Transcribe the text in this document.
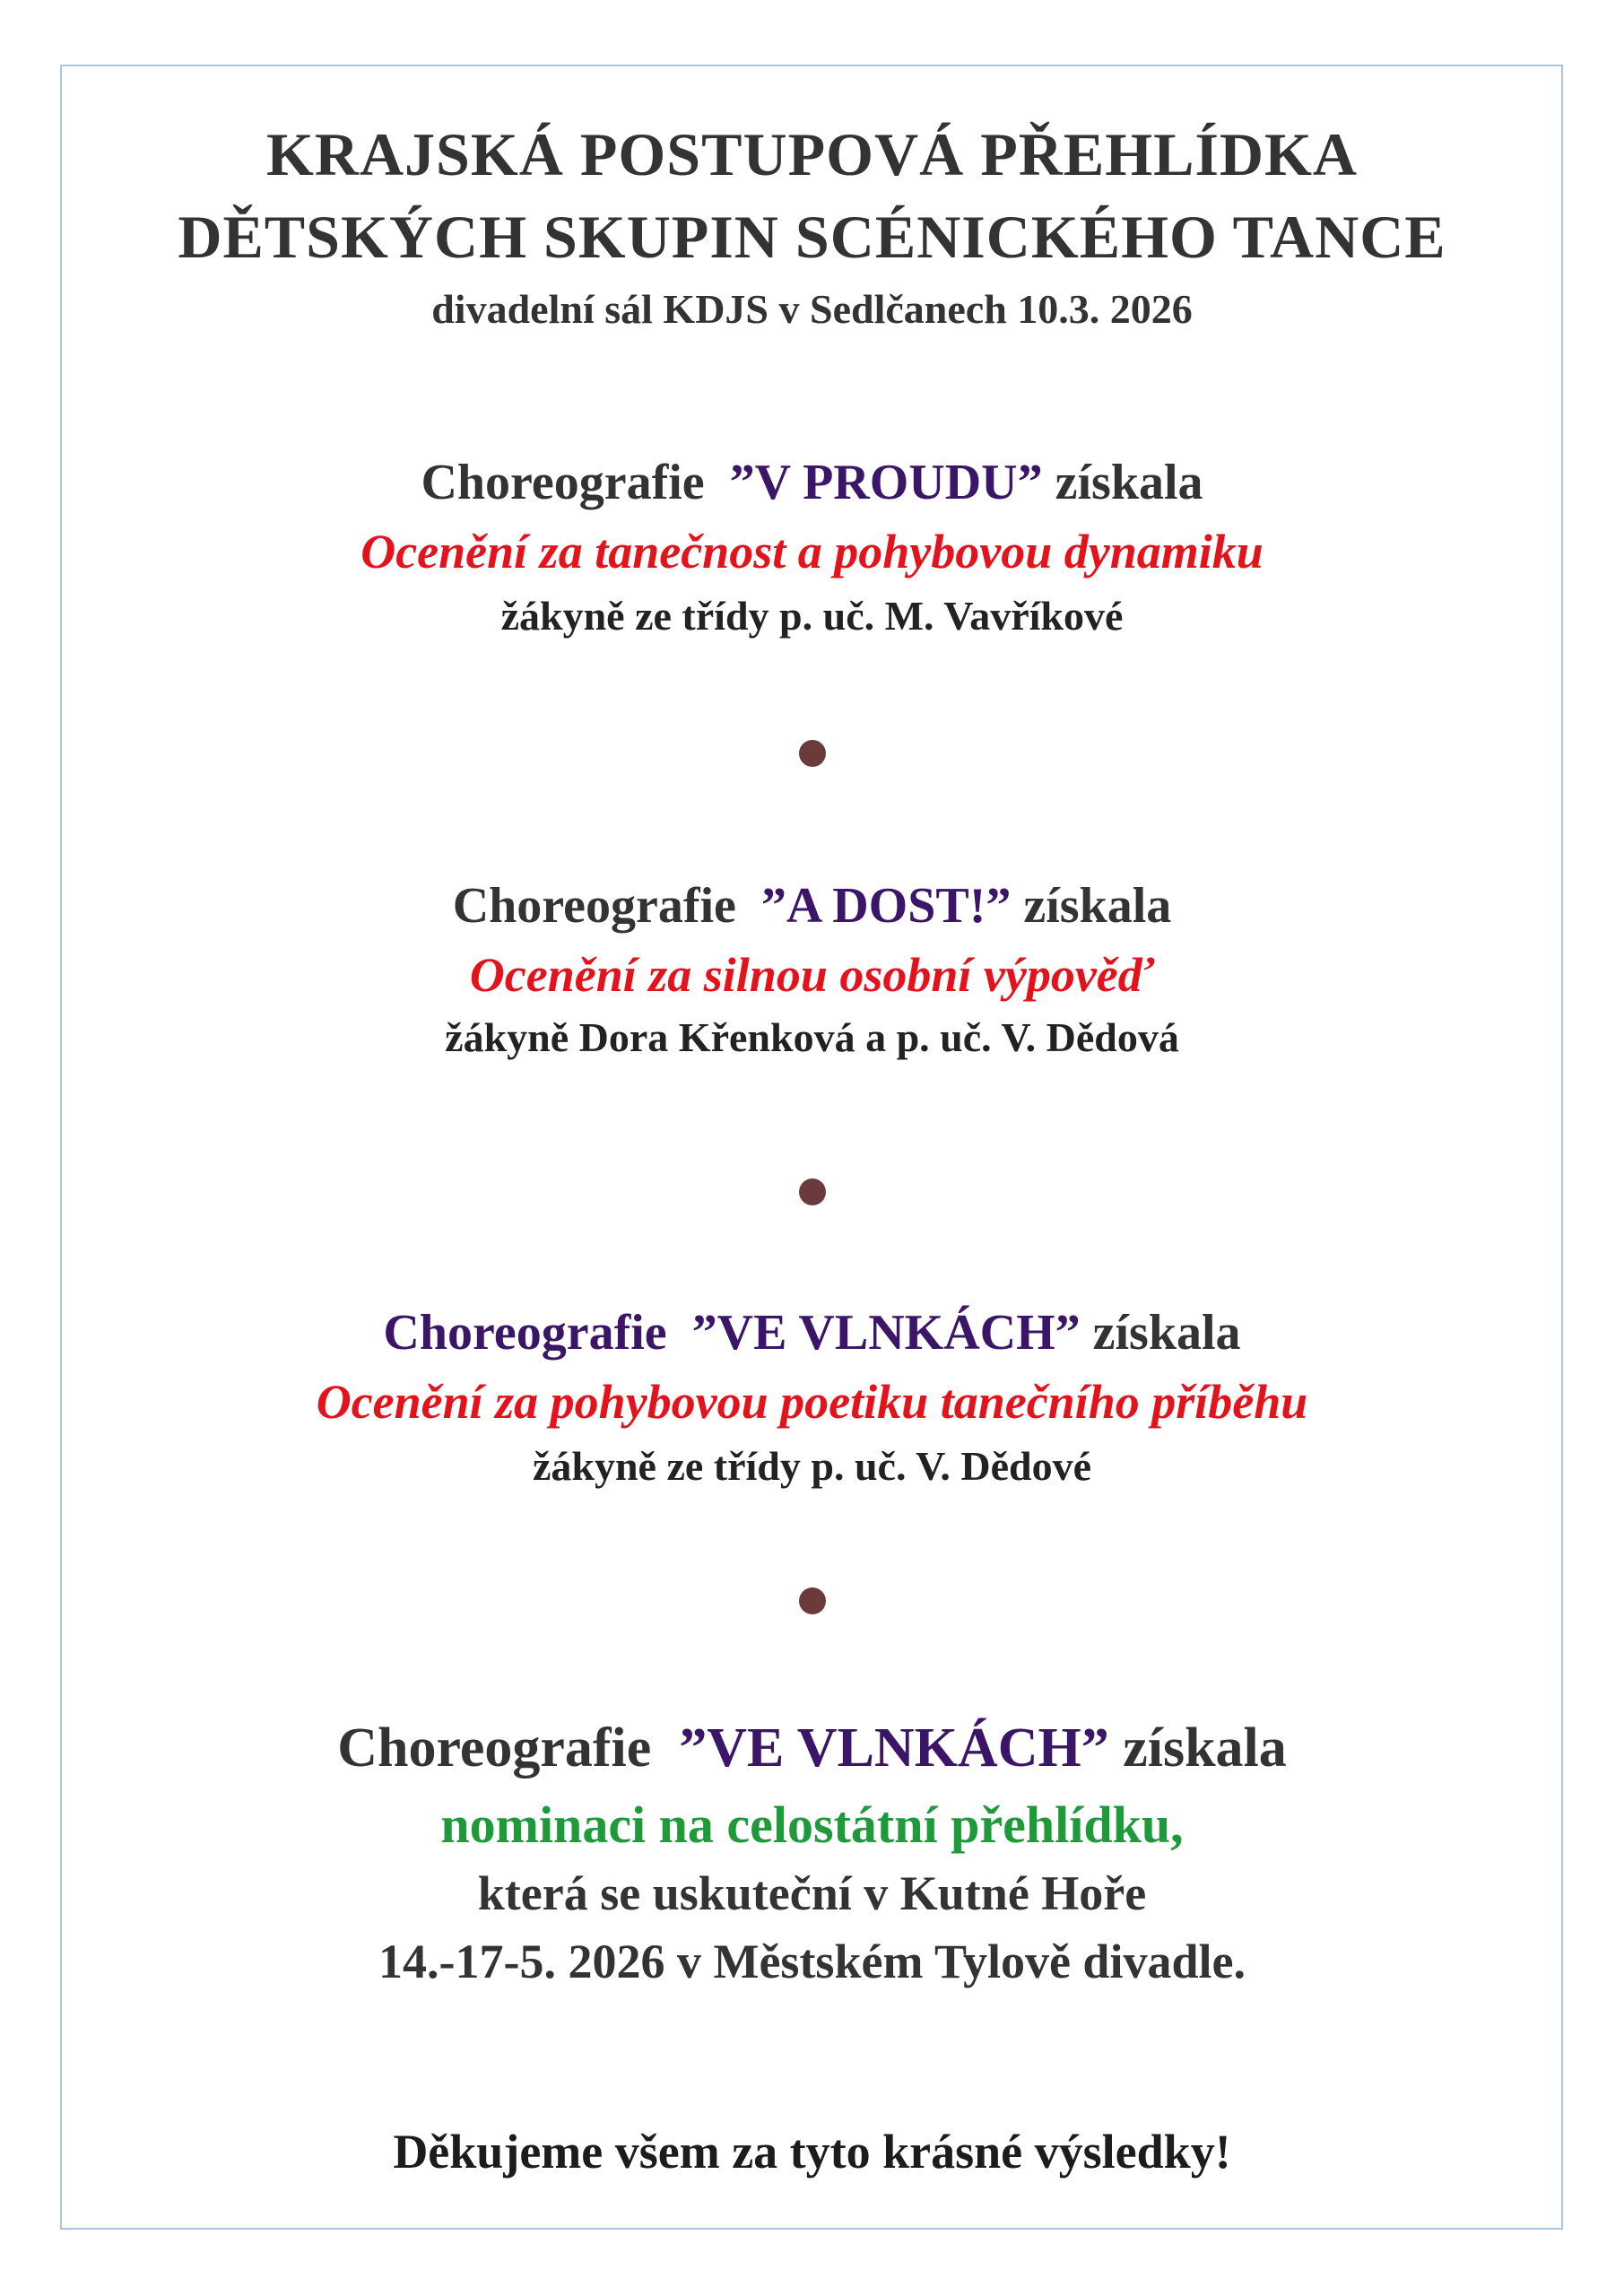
KRAJSKÁ POSTUPOVÁ PŘEHLÍDKA
DĚTSKÝCH SKUPIN SCÉNICKÉHO TANCE
divadelní sál KDJS v Sedlčanech 10.3. 2026
Choreografie ”V PROUDU” získala
Ocenění za tanečnost a pohybovou dynamiku
žákyně ze třídy p. uč. M. Vavříkové
Choreografie ”A DOST!” získala
Ocenění za silnou osobní výpověď
žákyně Dora Křenková a p. uč. V. Dědová
Choreografie ”VE VLNKÁCH” získala
Ocenění za pohybovou poetiku tanečního příběhu
žákyně ze třídy p. uč. V. Dědové
Choreografie ”VE VLNKÁCH” získala
nominaci na celostátní přehlídku,
která se uskuteční v Kutné Hoře
14.-17-5. 2026 v Městském Tylově divadle.
Děkujeme všem za tyto krásné výsledky!
